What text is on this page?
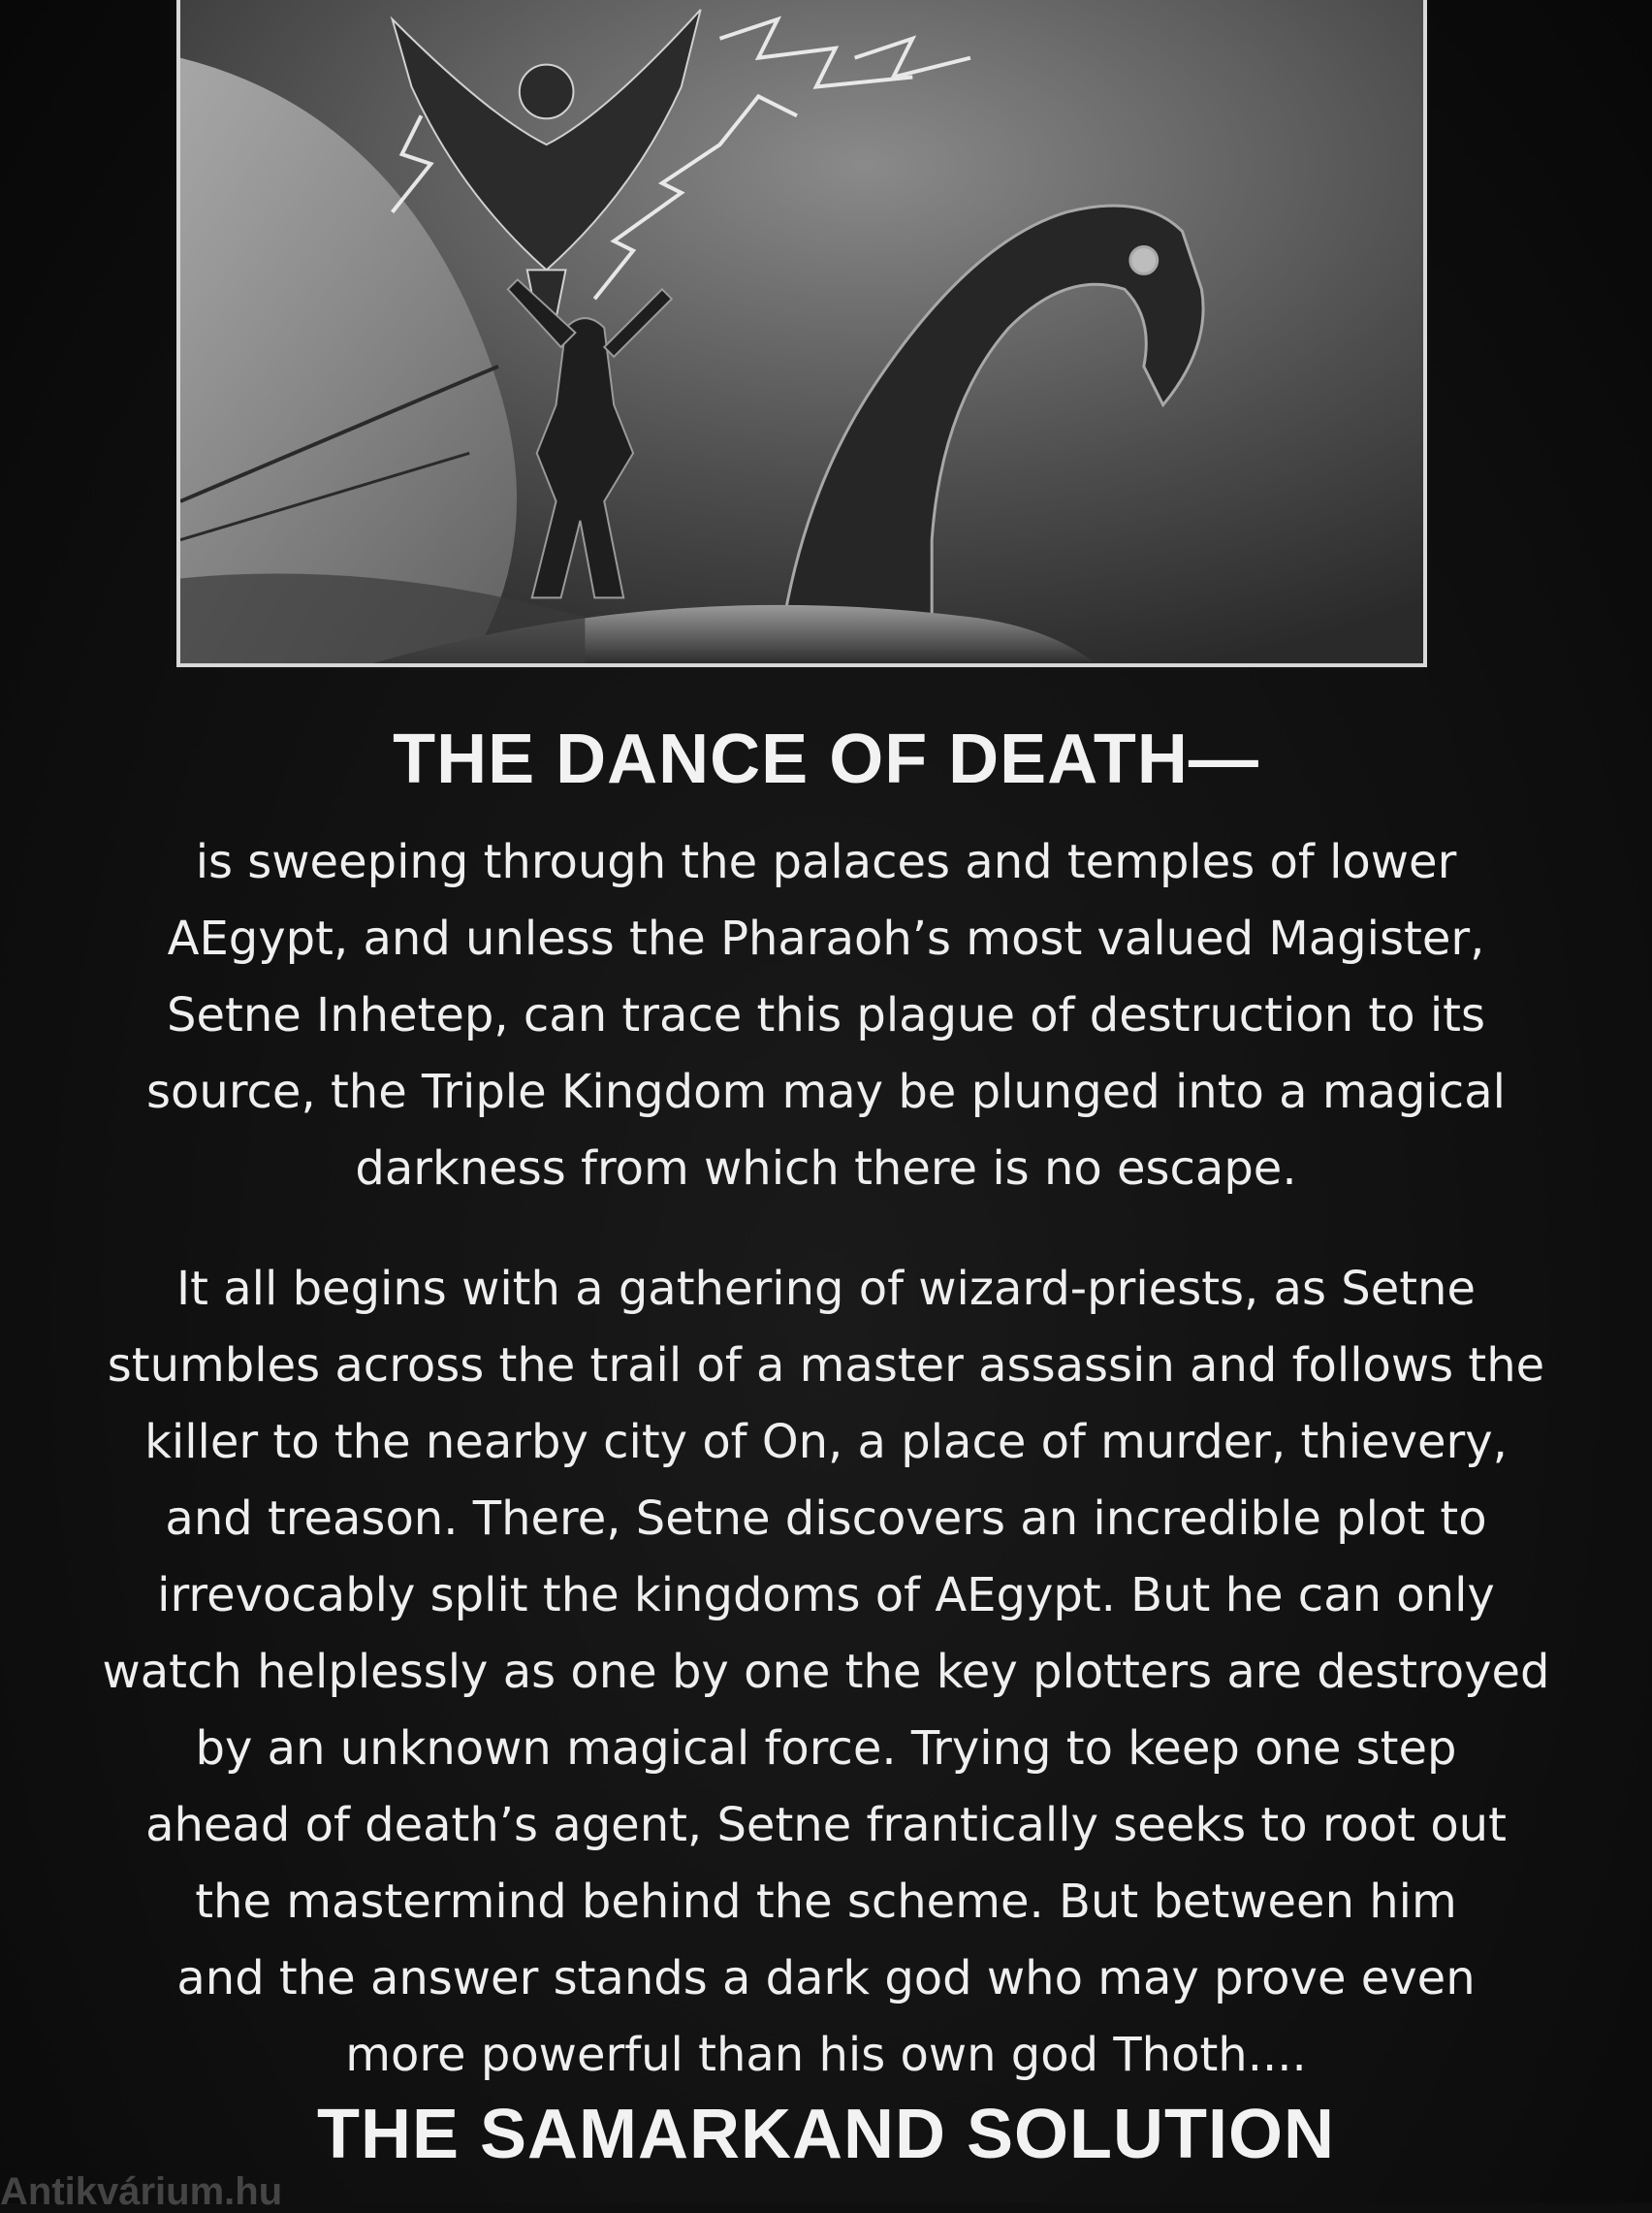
THE DANCE OF DEATH—

is sweeping through the palaces and temples of lower
AEgypt, and unless the Pharaoh’s most valued Magister,
Setne Inhetep, can trace this plague of destruction to its
source, the Triple Kingdom may be plunged into a magical
darkness from which there is no escape.

It all begins with a gathering of wizard-priests, as Setne
stumbles across the trail of a master assassin and follows the
killer to the nearby city of On, a place of murder, thievery,
and treason. There, Setne discovers an incredible plot to
irrevocably split the kingdoms of AEgypt. But he can only
watch helplessly as one by one the key plotters are destroyed
by an unknown magical force. Trying to keep one step
ahead of death’s agent, Setne frantically seeks to root out
the mastermind behind the scheme. But between him
and the answer stands a dark god who may prove even
more powerful than his own god Thoth....

THE SAMARKAND SOLUTION
Antikvárium.hu
